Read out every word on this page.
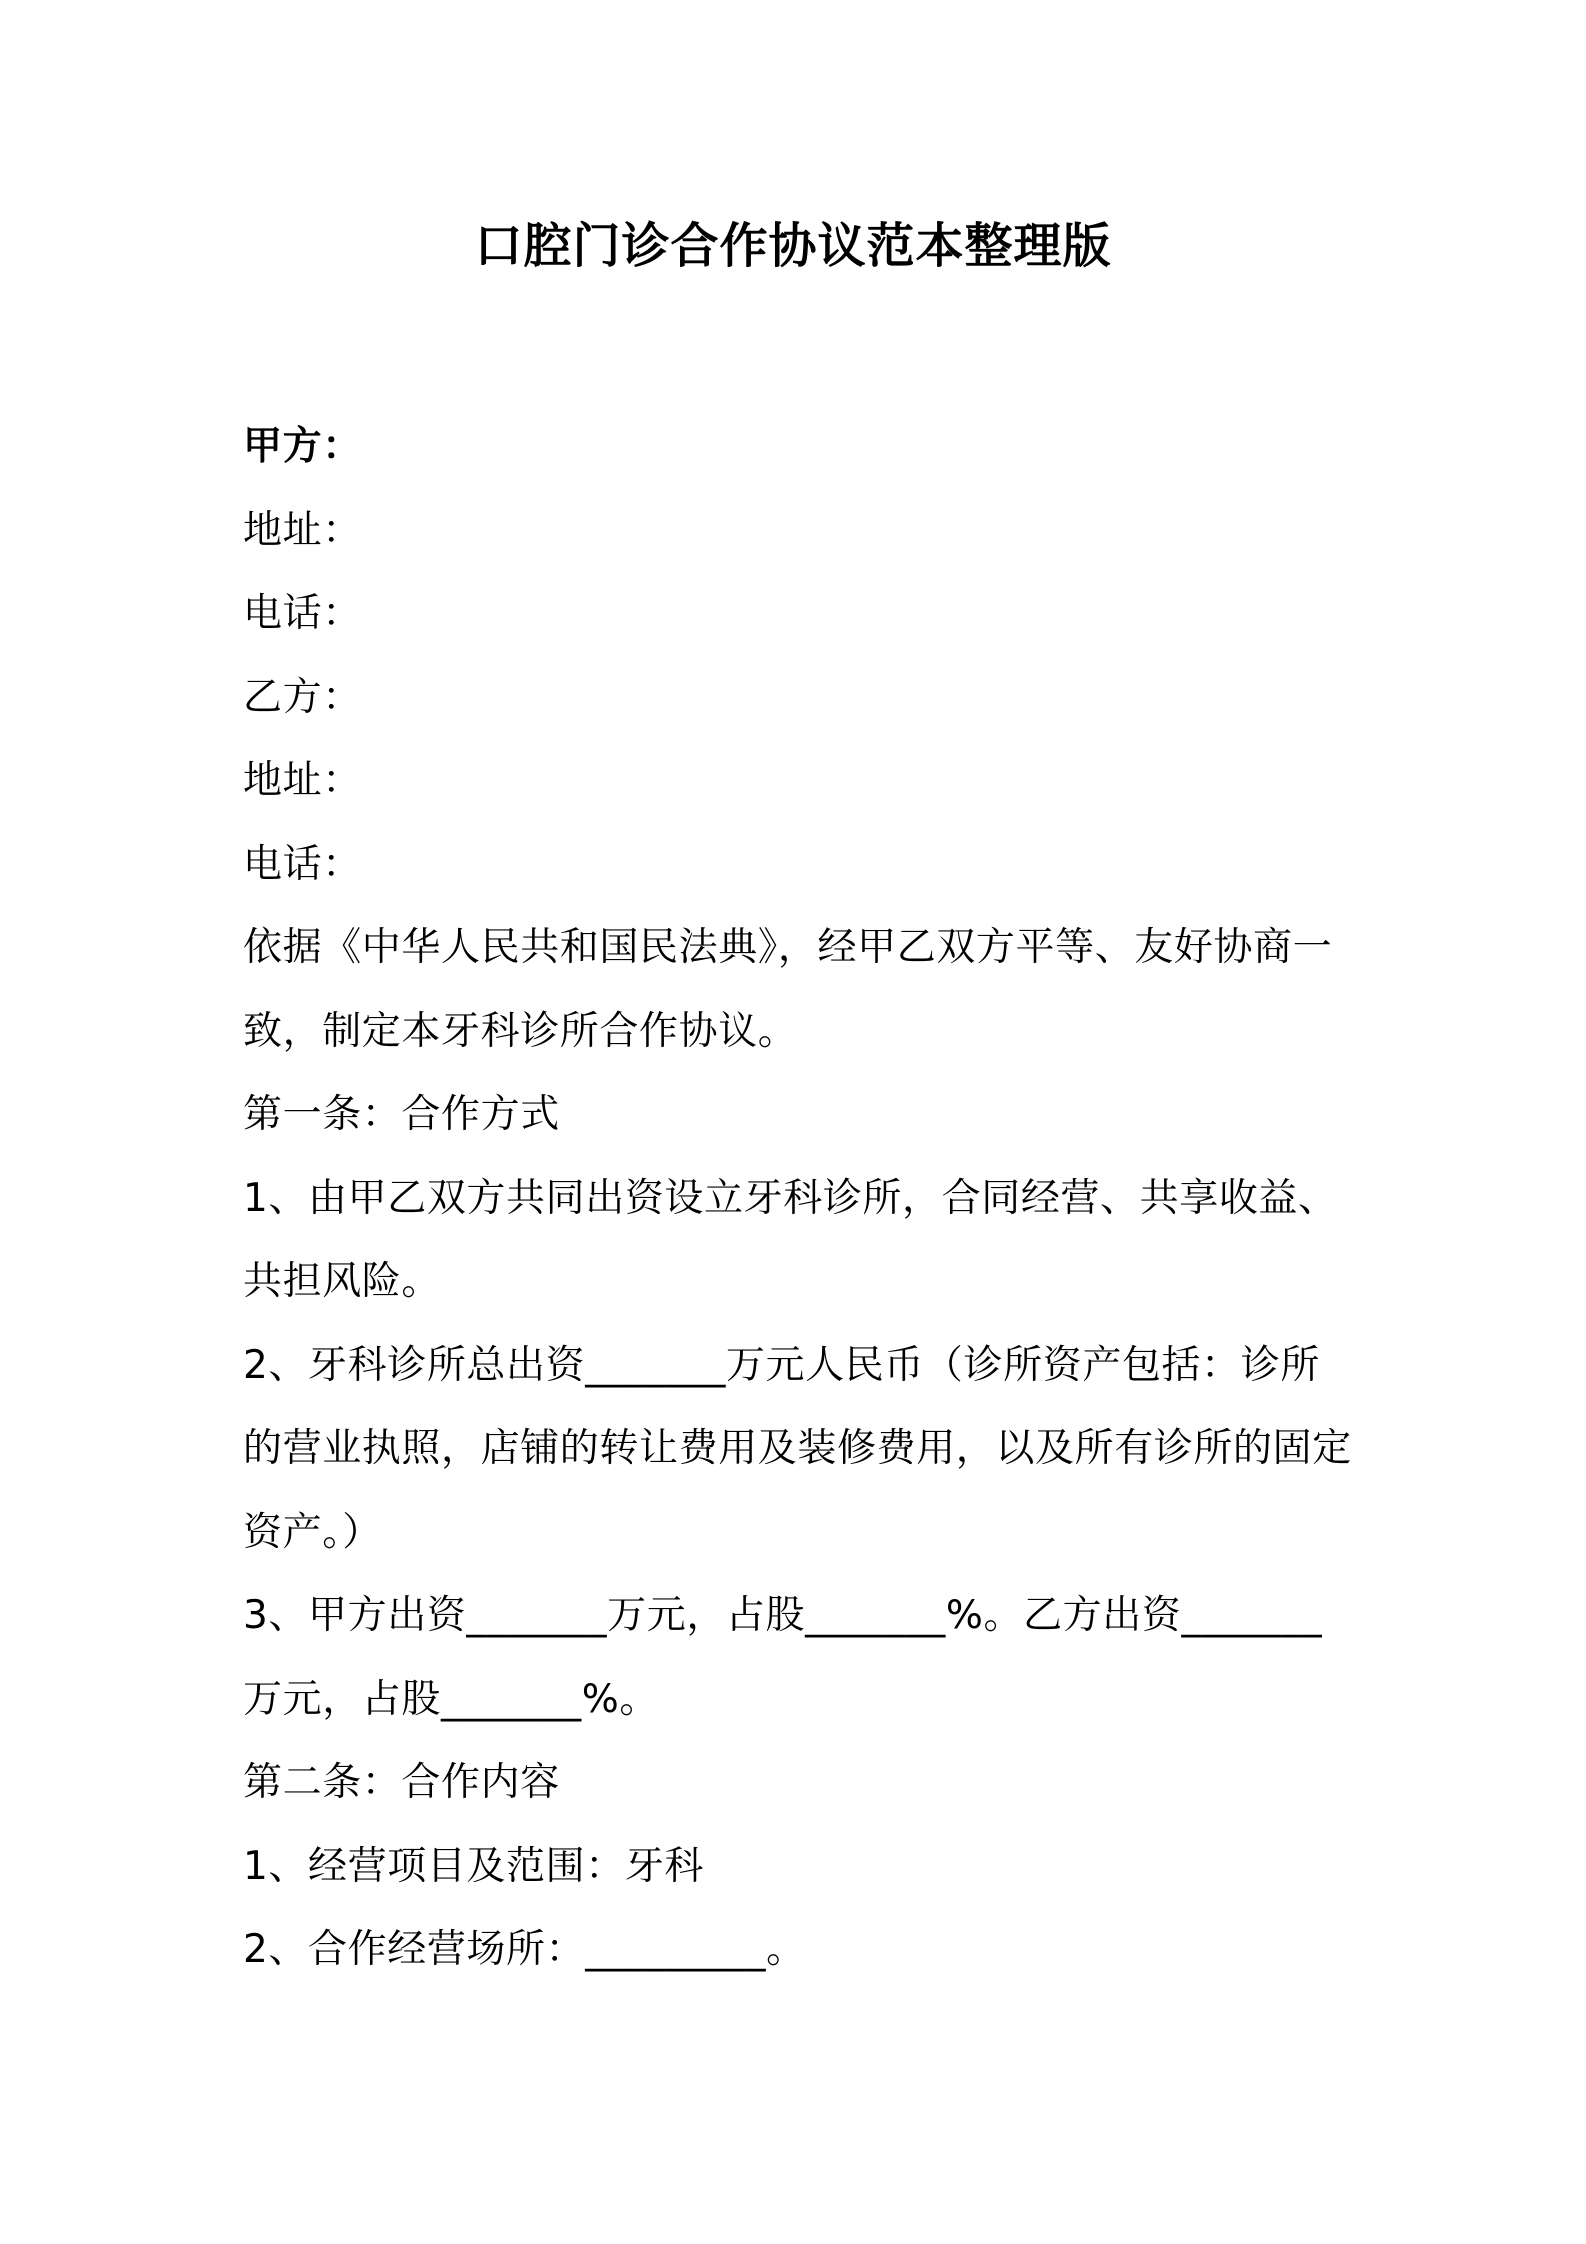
口腔门诊合作协议范本整理版
甲方：
地址：
电话：
乙方：
地址：
电话：
依据《中华人民共和国民法典》，经甲乙双方平等、友好协商一
致，制定本牙科诊所合作协议。
第一条：合作方式
1、由甲乙双方共同出资设立牙科诊所，合同经营、共享收益、
共担风险。
2、牙科诊所总出资_______万元人民币（诊所资产包括：诊所
的营业执照，店铺的转让费用及装修费用，以及所有诊所的固定
资产。）
3、甲方出资_______万元，占股_______%。乙方出资_______
万元，占股_______%。
第二条：合作内容
1、经营项目及范围：牙科
2、合作经营场所：_________。
